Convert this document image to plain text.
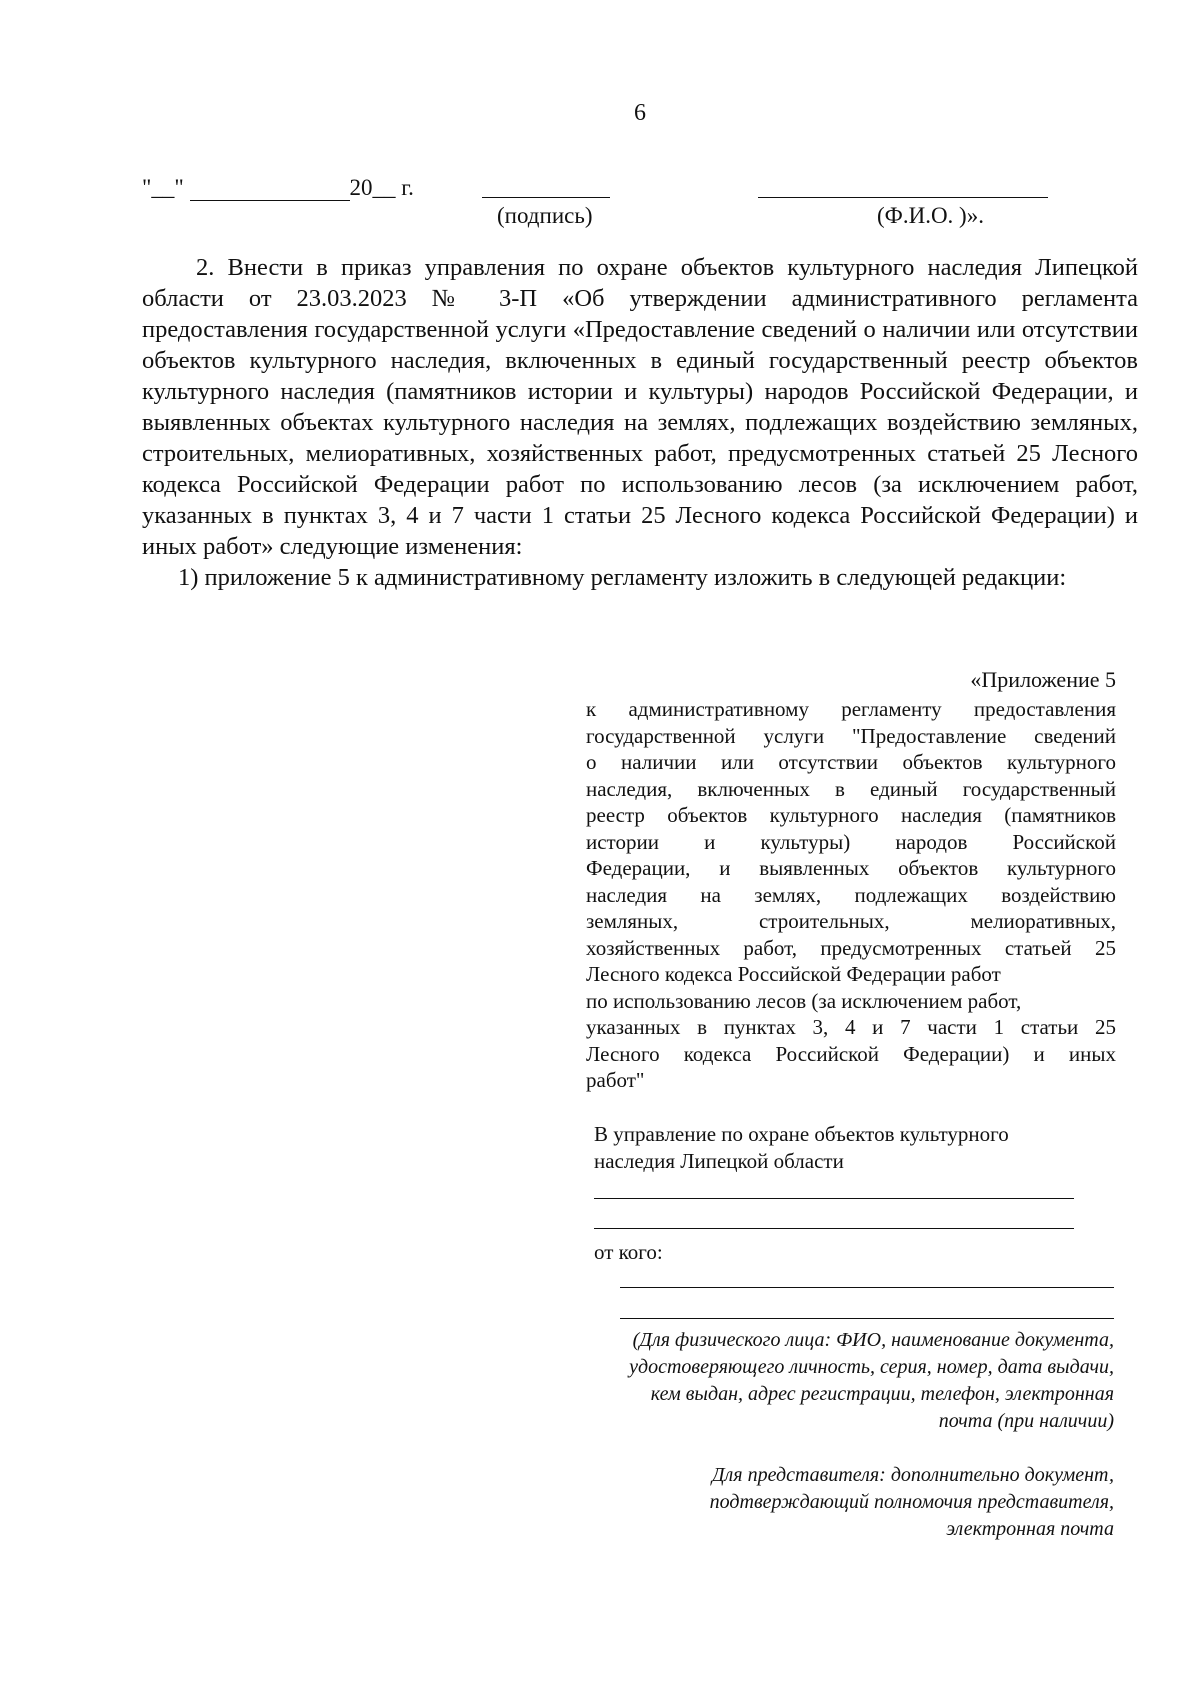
6
"__"	20__ г.
(подпись)	(Ф.И.О. )».

2. Внести в приказ управления по охране объектов культурного наследия Липецкой области от 23.03.2023 № 3-П «Об утверждении административного регламента предоставления государственной услуги «Предоставление сведений о наличии или отсутствии объектов культурного наследия, включенных в единый государственный реестр объектов культурного наследия (памятников истории и культуры) народов Российской Федерации, и выявленных объектах культурного наследия на землях, подлежащих воздействию земляных, строительных, мелиоративных, хозяйственных работ, предусмотренных статьей 25 Лесного кодекса Российской Федерации работ по использованию лесов (за исключением работ, указанных в пунктах 3, 4 и 7 части 1 статьи 25 Лесного кодекса Российской Федерации) и иных работ» следующие изменения:

1) приложение 5 к административному регламенту изложить в следующей редакции:

«Приложение 5
к административному регламенту предоставления
государственной услуги "Предоставление сведений
о наличии или отсутствии объектов культурного
наследия, включенных в единый государственный
реестр объектов культурного наследия (памятников
истории и культуры) народов Российской
Федерации, и выявленных объектов культурного
наследия на землях, подлежащих воздействию
земляных, строительных, мелиоративных,
хозяйственных работ, предусмотренных статьей 25
Лесного кодекса Российской Федерации работ
по использованию лесов (за исключением работ,
указанных в пунктах 3, 4 и 7 части 1 статьи 25
Лесного кодекса Российской Федерации) и иных
работ"
В управление по охране объектов культурного наследия Липецкой области
от кого:
(Для физического лица: ФИО, наименование документа, удостоверяющего личность, серия, номер, дата выдачи, кем выдан, адрес регистрации, телефон, электронная почта (при наличии)
Для представителя: дополнительно документ, подтверждающий полномочия представителя, электронная почта
